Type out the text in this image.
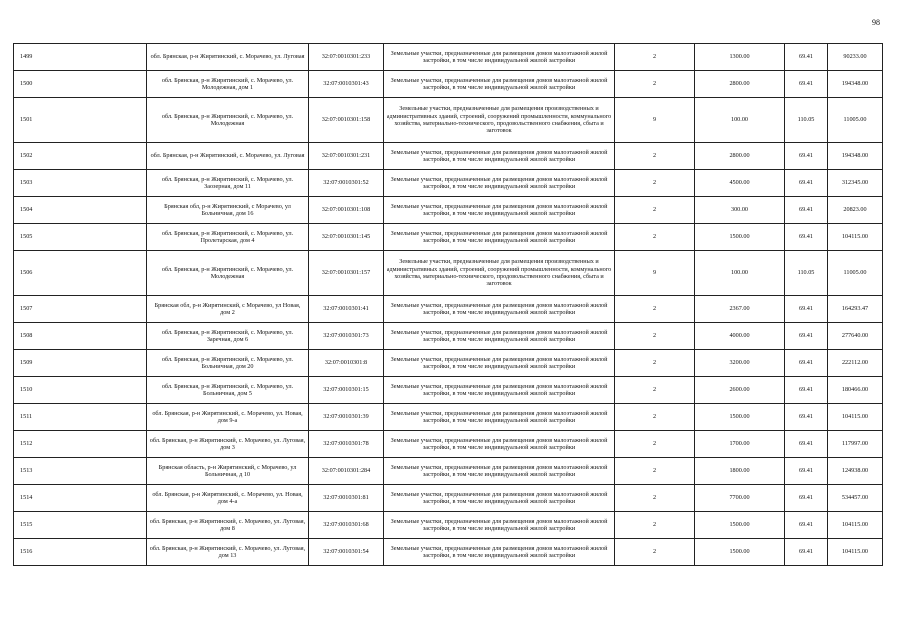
98
1499	обл. Брянская, р-н Жирятинский, с. Морачево, ул. Луговая	32:07:0010301:233	Земельные участки, предназначенные для размещения домов малоэтажной жилой застройки, в том числе индивидуальной жилой застройки	2	1300.00	69.41	90233.00
1500	обл. Брянская, р-н Жирятинский, с. Морачево, ул. Молодежная, дом 1	32:07:0010301:43	Земельные участки, предназначенные для размещения домов малоэтажной жилой застройки, в том числе индивидуальной жилой застройки	2	2800.00	69.41	194348.00
1501	обл. Брянская, р-н Жирятинский, с. Морачево, ул. Молодежная	32:07:0010301:158	Земельные участки, предназначенные для размещения производственных и административных зданий, строений, сооружений промышленности, коммунального хозяйства, материально-технического, продовольственного снабжения, сбыта и заготовок	9	100.00	110.05	11005.00
1502	обл. Брянская, р-н Жирятинский, с. Морачево, ул. Луговая	32:07:0010301:231	Земельные участки, предназначенные для размещения домов малоэтажной жилой застройки, в том числе индивидуальной жилой застройки	2	2800.00	69.41	194348.00
1503	обл. Брянская, р-н Жирятинский, с. Морачево, ул. Заозерная, дом 11	32:07:0010301:52	Земельные участки, предназначенные для размещения домов малоэтажной жилой застройки, в том числе индивидуальной жилой застройки	2	4500.00	69.41	312345.00
1504	Брянская обл, р-н Жирятинский, с Морачево, ул Больничная, дом 16	32:07:0010301:108	Земельные участки, предназначенные для размещения домов малоэтажной жилой застройки, в том числе индивидуальной жилой застройки	2	300.00	69.41	20823.00
1505	обл. Брянская, р-н Жирятинский, с. Морачево, ул. Пролетарская, дом 4	32:07:0010301:145	Земельные участки, предназначенные для размещения домов малоэтажной жилой застройки, в том числе индивидуальной жилой застройки	2	1500.00	69.41	104115.00
1506	обл. Брянская, р-н Жирятинский, с. Морачево, ул. Молодежная	32:07:0010301:157	Земельные участки, предназначенные для размещения производственных и административных зданий, строений, сооружений промышленности, коммунального хозяйства, материально-технического, продовольственного снабжения, сбыта и заготовок	9	100.00	110.05	11005.00
1507	Брянская обл, р-н Жирятинский, с Морачево, ул Новая, дом 2	32:07:0010301:41	Земельные участки, предназначенные для размещения домов малоэтажной жилой застройки, в том числе индивидуальной жилой застройки	2	2367.00	69.41	164293.47
1508	обл. Брянская, р-н Жирятинский, с. Морачево, ул. Заречная, дом 6	32:07:0010301:73	Земельные участки, предназначенные для размещения домов малоэтажной жилой застройки, в том числе индивидуальной жилой застройки	2	4000.00	69.41	277640.00
1509	обл. Брянская, р-н Жирятинский, с. Морачево, ул. Больничная, дом 20	32:07:0010301:8	Земельные участки, предназначенные для размещения домов малоэтажной жилой застройки, в том числе индивидуальной жилой застройки	2	3200.00	69.41	222112.00
1510	обл. Брянская, р-н Жирятинский, с. Морачево, ул. Больничная, дом 5	32:07:0010301:15	Земельные участки, предназначенные для размещения домов малоэтажной жилой застройки, в том числе индивидуальной жилой застройки	2	2600.00	69.41	180466.00
1511	обл. Брянская, р-н Жирятинский, с. Морачево, ул. Новая, дом 9-а	32:07:0010301:39	Земельные участки, предназначенные для размещения домов малоэтажной жилой застройки, в том числе индивидуальной жилой застройки	2	1500.00	69.41	104115.00
1512	обл. Брянская, р-н Жирятинский, с. Морачево, ул. Луговая, дом 3	32:07:0010301:78	Земельные участки, предназначенные для размещения домов малоэтажной жилой застройки, в том числе индивидуальной жилой застройки	2	1700.00	69.41	117997.00
1513	Брянская область, р-н Жирятинский, с Морачево, ул Больничная, д 10	32:07:0010301:284	Земельные участки, предназначенные для размещения домов малоэтажной жилой застройки, в том числе индивидуальной жилой застройки	2	1800.00	69.41	124938.00
1514	обл. Брянская, р-н Жирятинский, с. Морачево, ул. Новая, дом 4-а	32:07:0010301:81	Земельные участки, предназначенные для размещения домов малоэтажной жилой застройки, в том числе индивидуальной жилой застройки	2	7700.00	69.41	534457.00
1515	обл. Брянская, р-н Жирятинский, с. Морачево, ул. Луговая, дом 8	32:07:0010301:68	Земельные участки, предназначенные для размещения домов малоэтажной жилой застройки, в том числе индивидуальной жилой застройки	2	1500.00	69.41	104115.00
1516	обл. Брянская, р-н Жирятинский, с. Морачево, ул. Луговая, дом 13	32:07:0010301:54	Земельные участки, предназначенные для размещения домов малоэтажной жилой застройки, в том числе индивидуальной жилой застройки	2	1500.00	69.41	104115.00
